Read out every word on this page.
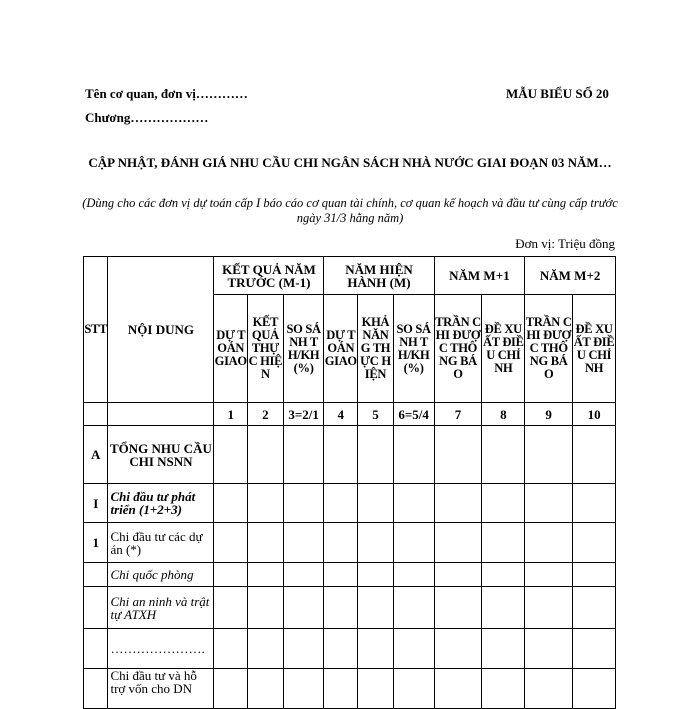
Tên cơ quan, đơn vị…………
Chương………………
MẪU BIỂU SỐ 20
CẬP NHẬT, ĐÁNH GIÁ NHU CẦU CHI NGÂN SÁCH NHÀ NƯỚC GIAI ĐOẠN 03 NĂM…
(Dùng cho các đơn vị dự toán cấp I báo cáo cơ quan tài chính, cơ quan kế hoạch và đầu tư cùng cấp trước ngày 31/3 hằng năm)
Đơn vị: Triệu đồng
STT	NỘI DUNG	KẾT QUẢ NĂM TRƯỚC (M-1)			NĂM HIỆN HÀNH (M)			NĂM M+1		NĂM M+2	
		DỰ TOÁN GIAO	KẾT QUẢ THỰC HIỆN	SO SÁNH TH/KH (%)	DỰ TOÁN GIAO	KHẢ NĂNG THỰC HIỆN	SO SÁNH TH/KH (%)	TRẦN CHI ĐƯỢC THÔNG BÁO	ĐỀ XUẤT ĐIỀU CHỈNH	TRẦN CHI ĐƯỢC THÔNG BÁO	ĐỀ XUẤT ĐIỀU CHỈNH
		1	2	3=2/1	4	5	6=5/4	7	8	9	10
A	TỔNG NHU CẦU CHI NSNN										
I	Chi đầu tư phát triển (1+2+3)										
1	Chi đầu tư các dự án (*)										
	Chi quốc phòng										
	Chi an ninh và trật tự ATXH										
	………………….										
	Chi đầu tư và hỗ trợ vốn cho DN										
